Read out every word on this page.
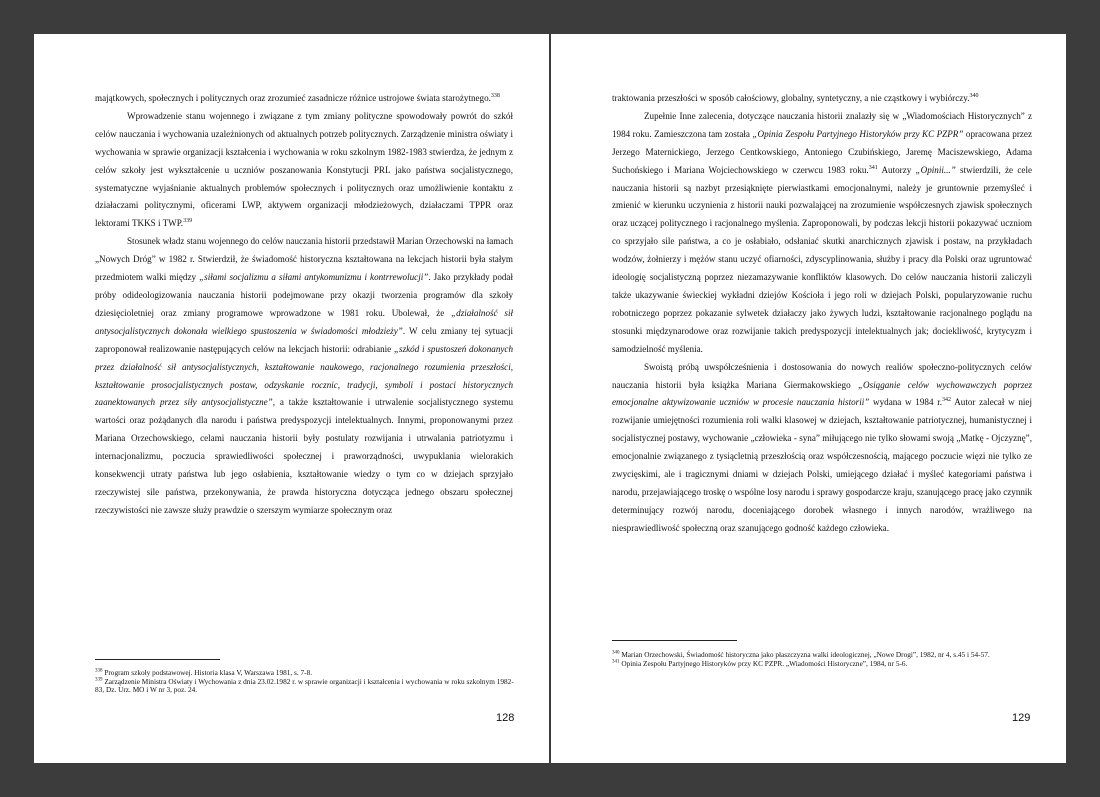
majątkowych, społecznych i politycznych oraz zrozumieć zasadnicze różnice ustrojowe świata starożytnego.$^{338}$

Wprowadzenie stanu wojennego i związane z tym zmiany polityczne spowodowały powrót do szkół celów nauczania i wychowania uzależnionych od aktualnych potrzeb politycznych. Zarządzenie ministra oświaty i wychowania w sprawie organizacji kształcenia i wychowania w roku szkolnym 1982-1983 stwierdza, że jednym z celów szkoły jest wykształcenie u uczniów poszanowania Konstytucji PRL jako państwa socjalistycznego, systematyczne wyjaśnianie aktualnych problemów społecznych i politycznych oraz umożliwienie kontaktu z działaczami politycznymi, oficerami LWP, aktywem organizacji młodzieżowych, działaczami TPPR oraz lektorami TKKS i TWP.$^{339}$

Stosunek władz stanu wojennego do celów nauczania historii przedstawił Marian Orzechowski na łamach „Nowych Dróg” w 1982 r. Stwierdził, że świadomość historyczna kształtowana na lekcjach historii była stałym przedmiotem walki między „siłami socjalizmu a siłami antykomunizmu i kontrrewolucji”. Jako przykłady podał próby odideologizowania nauczania historii podejmowane przy okazji tworzenia programów dla szkoły dziesięcioletniej oraz zmiany programowe wprowadzone w 1981 roku. Ubolewał, że „działalność sił antysocjalistycznych dokonała wielkiego spustoszenia w świadomości młodzieży”. W celu zmiany tej sytuacji zaproponował realizowanie następujących celów na lekcjach historii: odrabianie „szkód i spustoszeń dokonanych przez działalność sił antysocjalistycznych, kształtowanie naukowego, racjonalnego rozumienia przeszłości, kształtowanie prosocjalistycznych postaw, odzyskanie rocznic, tradycji, symboli i postaci historycznych zaanektowanych przez siły antysocjalistyczne”, a także kształtowanie i utrwalenie socjalistycznego systemu wartości oraz pożądanych dla narodu i państwa predyspozycji intelektualnych. Innymi, proponowanymi przez Mariana Orzechowskiego, celami nauczania historii były postulaty rozwijania i utrwalania patriotyzmu i internacjonalizmu, poczucia sprawiedliwości społecznej i praworządności, uwypuklania wielorakich konsekwencji utraty państwa lub jego osłabienia, kształtowanie wiedzy o tym co w dziejach sprzyjało rzeczywistej sile państwa, przekonywania, że prawda historyczna dotycząca jednego obszaru społecznej rzeczywistości nie zawsze służy prawdzie o szerszym wymiarze społecznym oraz

$^{338}$ Program szkoły podstawowej. Historia klasa V, Warszawa 1981, s. 7-8.

$^{339}$ Zarządzenie Ministra Oświaty i Wychowania z dnia 23.02.1982 r. w sprawie organizacji i kształcenia i wychowania w roku szkolnym 1982-83, Dz. Urz. MO i W nr 3, poz. 24.

128

traktowania przeszłości w sposób całościowy, globalny, syntetyczny, a nie cząstkowy i wybiórczy.$^{340}$

Zupełnie Inne zalecenia, dotyczące nauczania historii znalazły się w „Wiadomościach Historycznych” z 1984 roku. Zamieszczona tam została „Opinia Zespołu Partyjnego Historyków przy KC PZPR” opracowana przez Jerzego Maternickiego, Jerzego Centkowskiego, Antoniego Czubińskiego, Jaremę Maciszewskiego, Adama Suchońskiego i Mariana Wojciechowskiego w czerwcu 1983 roku.$^{341}$ Autorzy „Opinii...” stwierdzili, że cele nauczania historii są nazbyt przesiąknięte pierwiastkami emocjonalnymi, należy je gruntownie przemyśleć i zmienić w kierunku uczynienia z historii nauki pozwalającej na zrozumienie współczesnych zjawisk społecznych oraz uczącej politycznego i racjonalnego myślenia. Zaproponowali, by podczas lekcji historii pokazywać uczniom co sprzyjało sile państwa, a co je osłabiało, odsłaniać skutki anarchicznych zjawisk i postaw, na przykładach wodzów, żołnierzy i mężów stanu uczyć ofiarności, zdyscyplinowania, służby i pracy dla Polski oraz ugruntować ideologię socjalistyczną poprzez niezamazywanie konfliktów klasowych. Do celów nauczania historii zaliczyli także ukazywanie świeckiej wykładni dziejów Kościoła i jego roli w dziejach Polski, popularyzowanie ruchu robotniczego poprzez pokazanie sylwetek działaczy jako żywych ludzi, kształtowanie racjonalnego poglądu na stosunki międzynarodowe oraz rozwijanie takich predyspozycji intelektualnych jak; dociekliwość, krytycyzm i samodzielność myślenia.

Swoistą próbą uwspółcześnienia i dostosowania do nowych realiów społeczno-politycznych celów nauczania historii była książka Mariana Giermakowskiego „Osiąganie celów wychowawczych poprzez emocjonalne aktywizowanie uczniów w procesie nauczania historii” wydana w 1984 r.$^{342}$ Autor zalecał w niej rozwijanie umiejętności rozumienia roli walki klasowej w dziejach, kształtowanie patriotycznej, humanistycznej i socjalistycznej postawy, wychowanie „człowieka - syna” miłującego nie tylko słowami swoją „Matkę - Ojczyznę”, emocjonalnie związanego z tysiącletnią przeszłością oraz współczesnością, mającego poczucie więzi nie tylko ze zwycięskimi, ale i tragicznymi dniami w dziejach Polski, umiejącego działać i myśleć kategoriami państwa i narodu, przejawiającego troskę o wspólne losy narodu i sprawy gospodarcze kraju, szanującego pracę jako czynnik determinujący rozwój narodu, doceniającego dorobek własnego i innych narodów, wrażliwego na niesprawiedliwość społeczną oraz szanującego godność każdego człowieka.

$^{340}$ Marian Orzechowski, Świadomość historyczna jako płaszczyzna walki ideologicznej, „Nowe Drogi”, 1982, nr 4, s.45 i 54-57.

$^{341}$ Opinia Zespołu Partyjnego Historyków przy KC PZPR. „Wiadomości Historyczne”, 1984, nr 5-6.

129
